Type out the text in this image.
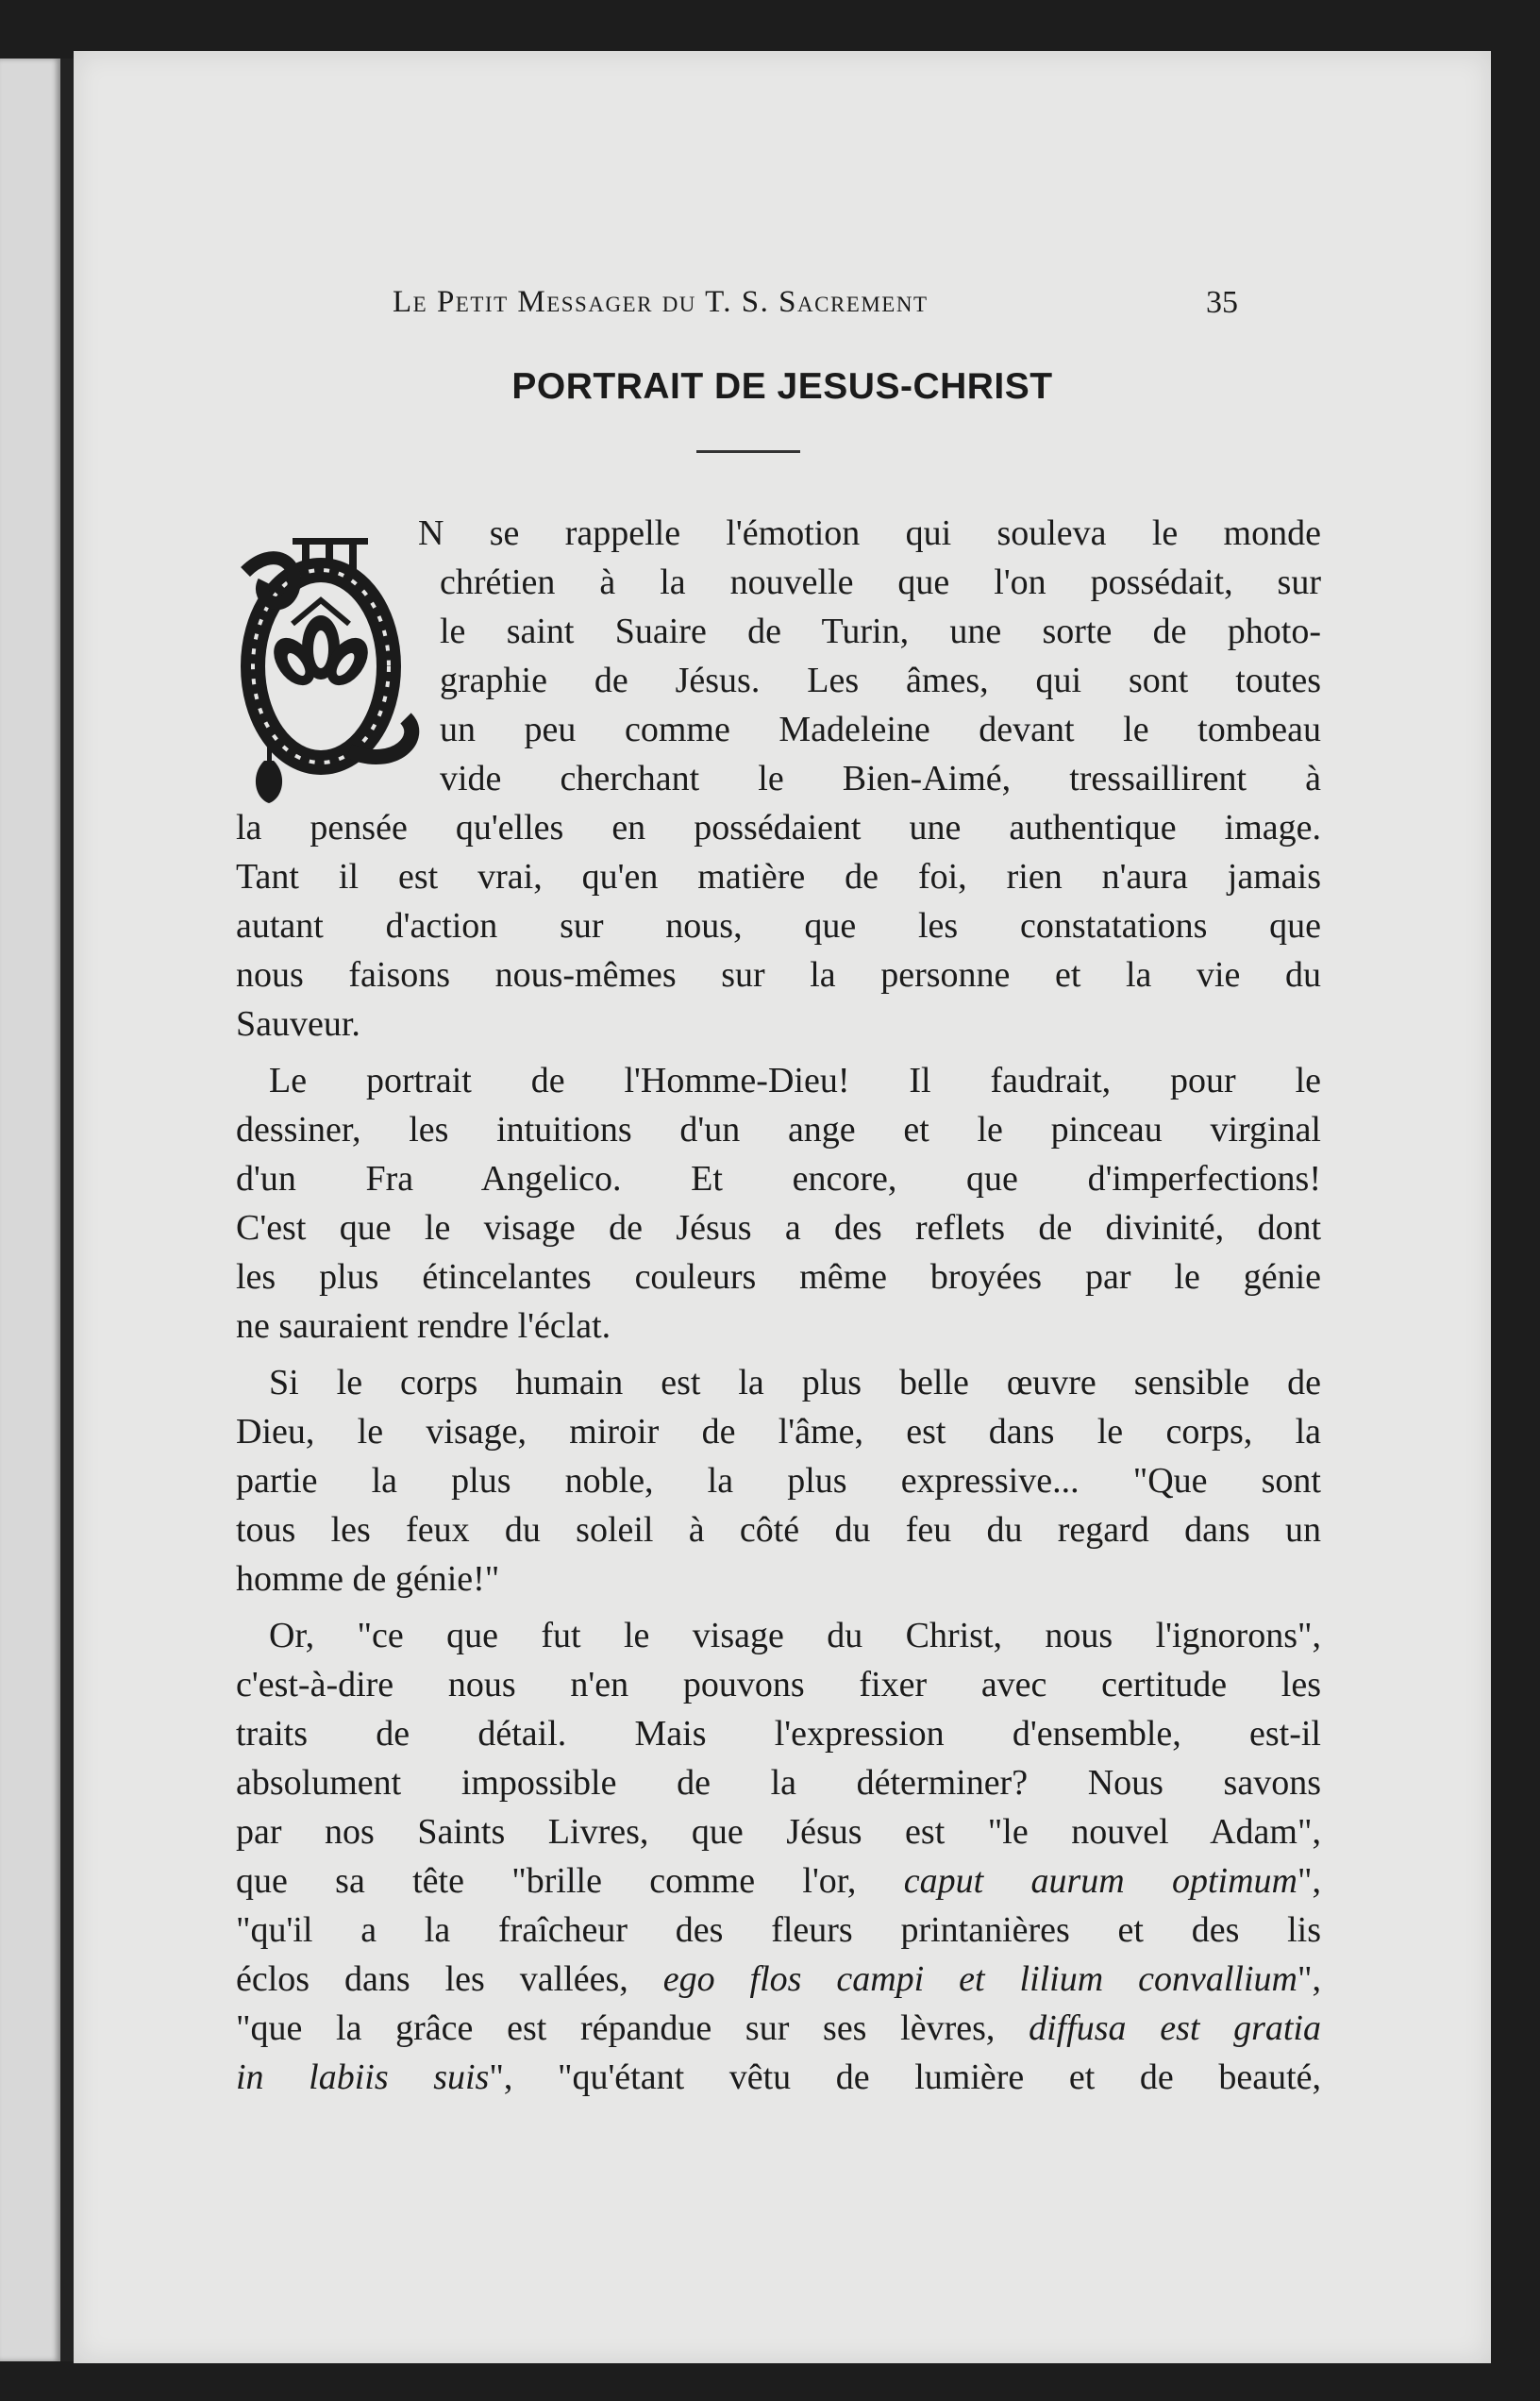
Le Petit Messager du T. S. Sacrement	35
PORTRAIT DE JESUS-CHRIST
N se rappelle l'émotion qui souleva le monde
chrétien à la nouvelle que l'on possédait, sur
le saint Suaire de Turin, une sorte de photo-
graphie de Jésus. Les âmes, qui sont toutes
un peu comme Madeleine devant le tombeau
vide cherchant le Bien-Aimé, tressaillirent à
la pensée qu'elles en possédaient une authentique image.
Tant il est vrai, qu'en matière de foi, rien n'aura jamais
autant d'action sur nous, que les constatations que
nous faisons nous-mêmes sur la personne et la vie du
Sauveur.
Le portrait de l'Homme-Dieu! Il faudrait, pour le
dessiner, les intuitions d'un ange et le pinceau virginal
d'un Fra Angelico. Et encore, que d'imperfections!
C'est que le visage de Jésus a des reflets de divinité, dont
les plus étincelantes couleurs même broyées par le génie
ne sauraient rendre l'éclat.
Si le corps humain est la plus belle œuvre sensible de
Dieu, le visage, miroir de l'âme, est dans le corps, la
partie la plus noble, la plus expressive... "Que sont
tous les feux du soleil à côté du feu du regard dans un
homme de génie!"
Or, "ce que fut le visage du Christ, nous l'ignorons",
c'est-à-dire nous n'en pouvons fixer avec certitude les
traits de détail. Mais l'expression d'ensemble, est-il
absolument impossible de la déterminer? Nous savons
par nos Saints Livres, que Jésus est "le nouvel Adam",
que sa tête "brille comme l'or, caput aurum optimum",
"qu'il a la fraîcheur des fleurs printanières et des lis
éclos dans les vallées, ego flos campi et lilium convallium",
"que la grâce est répandue sur ses lèvres, diffusa est gratia
in labiis suis", "qu'étant vêtu de lumière et de beauté,
